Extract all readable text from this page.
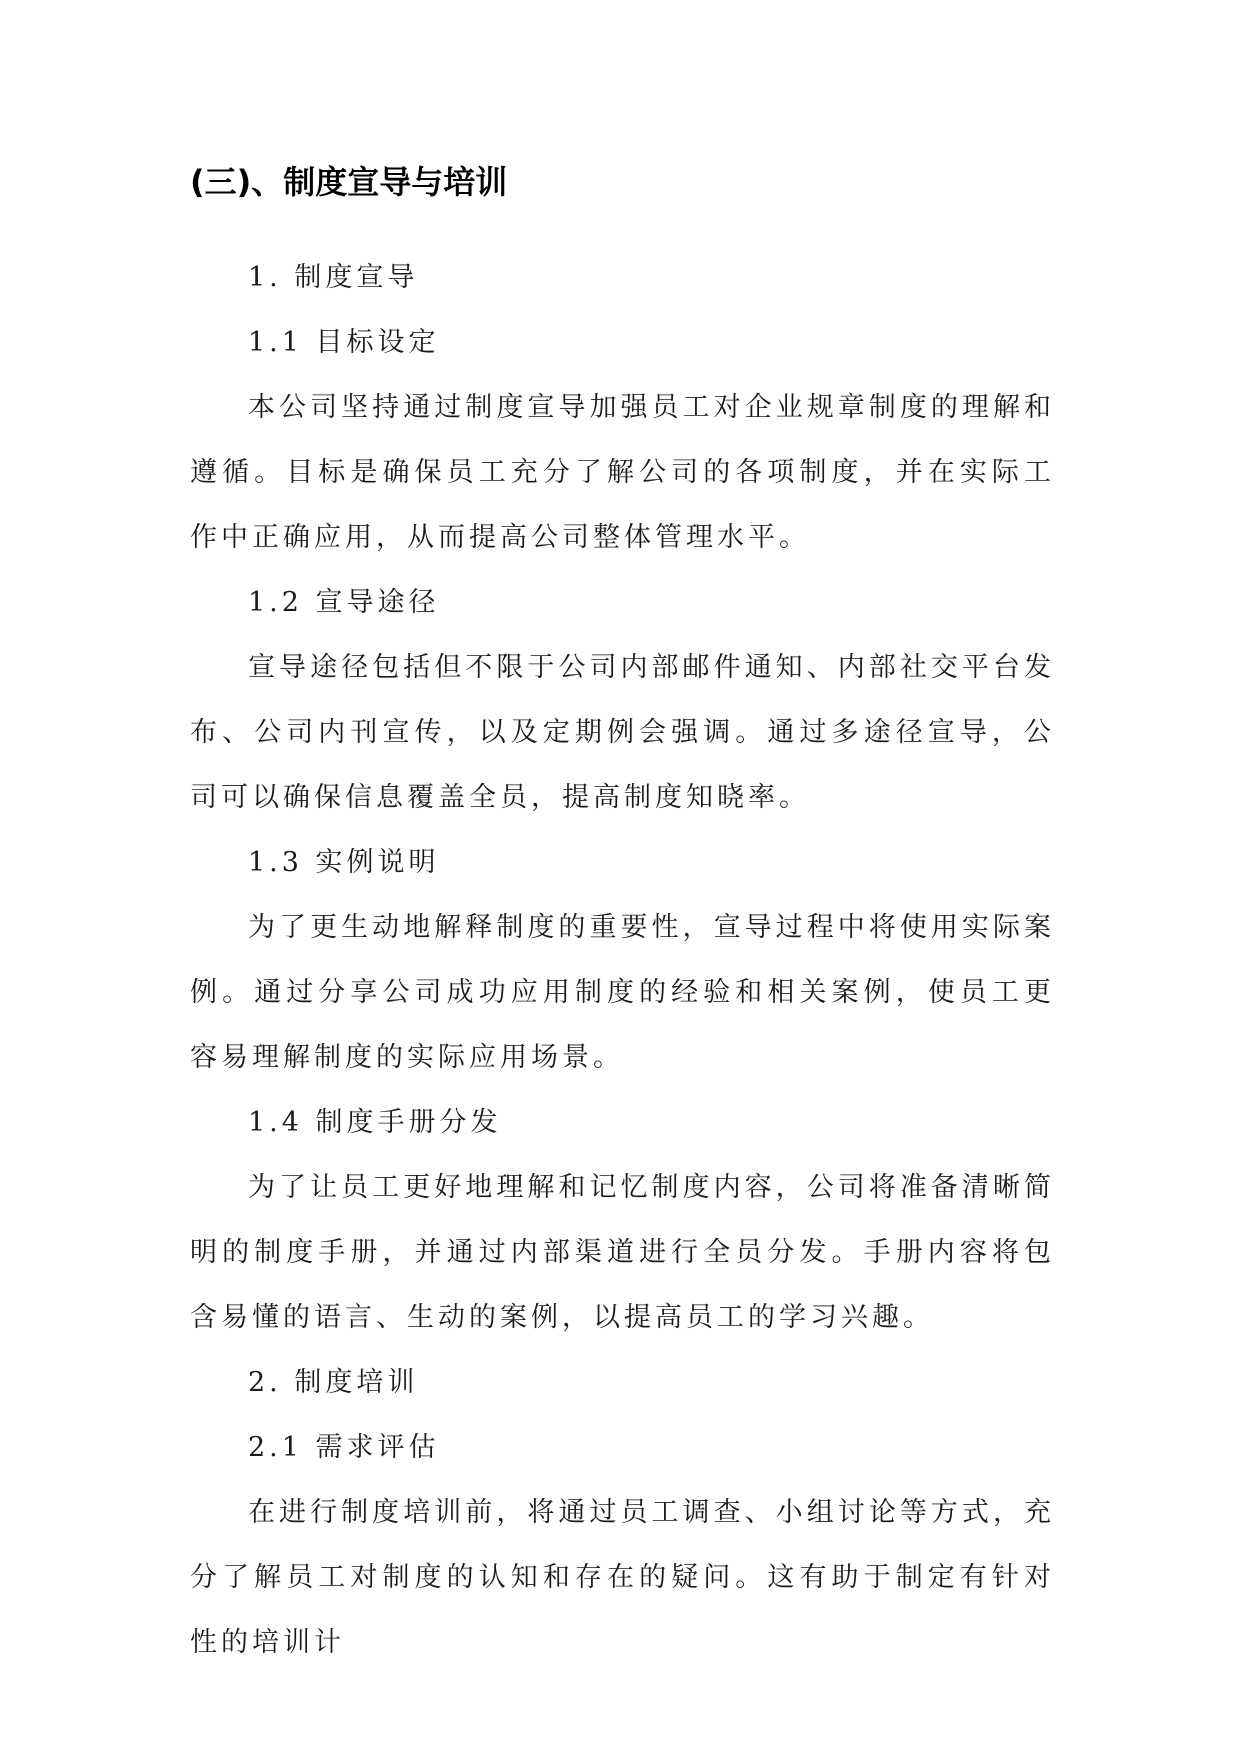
(三)、制度宣导与培训

1. 制度宣导

1.1 目标设定

本公司坚持通过制度宣导加强员工对企业规章制度的理解和遵循。目标是确保员工充分了解公司的各项制度，并在实际工作中正确应用，从而提高公司整体管理水平。

1.2 宣导途径

宣导途径包括但不限于公司内部邮件通知、内部社交平台发布、公司内刊宣传，以及定期例会强调。通过多途径宣导，公司可以确保信息覆盖全员，提高制度知晓率。

1.3 实例说明

为了更生动地解释制度的重要性，宣导过程中将使用实际案例。通过分享公司成功应用制度的经验和相关案例，使员工更容易理解制度的实际应用场景。

1.4 制度手册分发

为了让员工更好地理解和记忆制度内容，公司将准备清晰简明的制度手册，并通过内部渠道进行全员分发。手册内容将包含易懂的语言、生动的案例，以提高员工的学习兴趣。

2. 制度培训

2.1 需求评估

在进行制度培训前，将通过员工调查、小组讨论等方式，充分了解员工对制度的认知和存在的疑问。这有助于制定有针对性的培训计
